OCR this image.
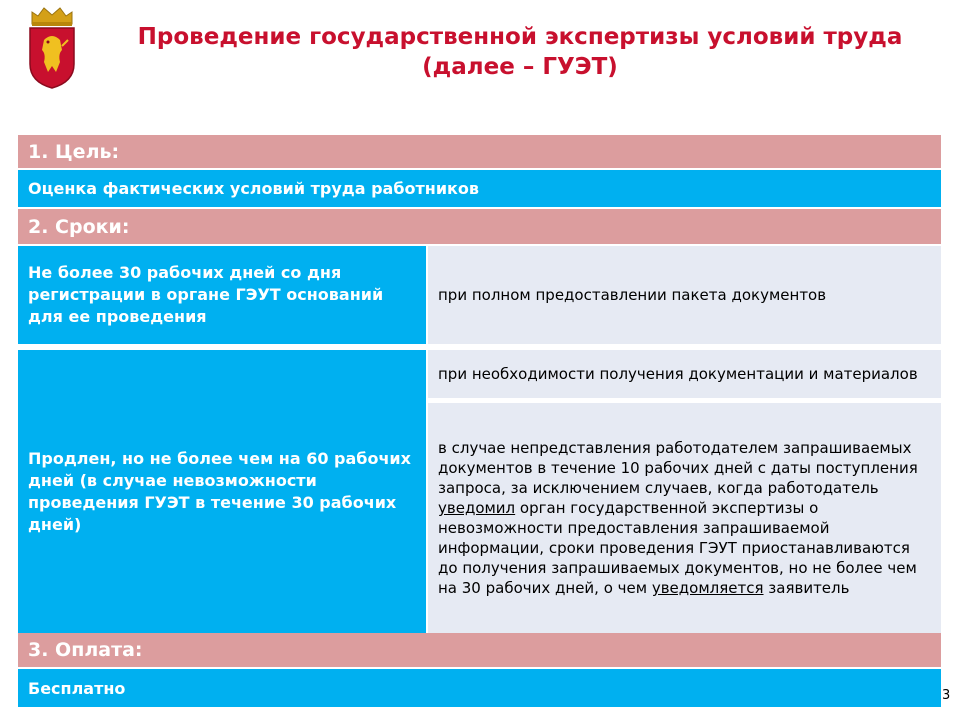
Проведение государственной экспертизы условий труда
(далее – ГУЭТ)
1. Цель:
Оценка фактических условий труда работников
2. Сроки:
Не более 30 рабочих дней со дня регистрации в органе ГЭУТ оснований для ее проведения
при полном предоставлении пакета документов
Продлен, но не более чем на 60 рабочих дней (в случае невозможности проведения ГУЭТ в течение 30 рабочих дней)
при необходимости получения документации и материалов
в случае непредставления работодателем запрашиваемых документов в течение 10 рабочих дней с даты поступления запроса, за исключением случаев, когда работодатель уведомил орган государственной экспертизы о невозможности предоставления запрашиваемой информации, сроки проведения ГЭУТ приостанавливаются до получения запрашиваемых документов, но не более чем на 30 рабочих дней, о чем уведомляется заявитель
3. Оплата:
Бесплатно	3
